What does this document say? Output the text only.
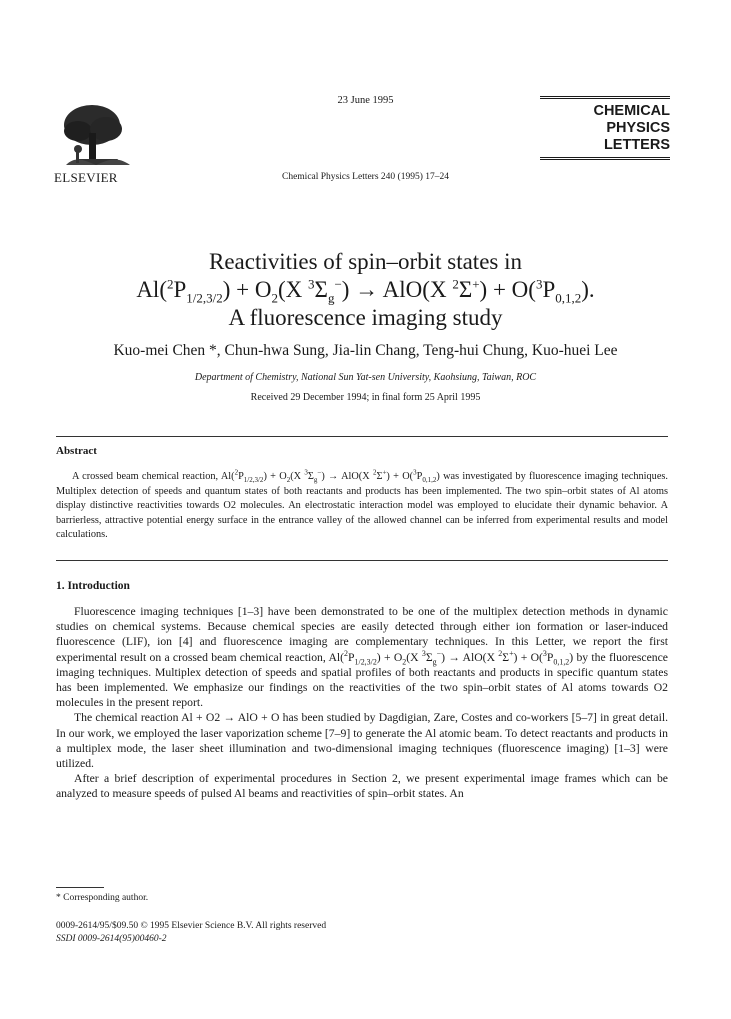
23 June 1995
ELSEVIER	Chemical Physics Letters 240 (1995) 17–24
CHEMICAL
PHYSICS
LETTERS
Reactivities of spin–orbit states in
$Al(^2P_{1/2,3/2}) + O_2(X$ $^3\Sigma_g^-) \to AlO(X$ $^2\Sigma^+) + O(^3P_{0,1,2})$.
A fluorescence imaging study
Kuo-mei Chen *, Chun-hwa Sung, Jia-lin Chang, Teng-hui Chung, Kuo-huei Lee
Department of Chemistry, National Sun Yat-sen University, Kaohsiung, Taiwan, ROC
Received 29 December 1994; in final form 25 April 1995
Abstract
A crossed beam chemical reaction, $Al(^2P_{1/2,3/2}) + O_2(X$ $^3\Sigma_g^-) \to AlO(X$ $^2\Sigma^+) + O(^3P_{0,1,2})$ was investigated by fluorescence imaging techniques. Multiplex detection of speeds and quantum states of both reactants and products has been implemented. The two spin–orbit states of Al atoms display distinctive reactivities towards O2 molecules. An electrostatic interaction model was employed to elucidate their dynamic behavior. A barrierless, attractive potential energy surface in the entrance valley of the allowed channel can be inferred from experimental results and model calculations.
1. Introduction

Fluorescence imaging techniques [1–3] have been demonstrated to be one of the multiplex detection methods in dynamic studies on chemical systems. Because chemical species are easily detected through either ion formation or laser-induced fluorescence (LIF), ion [4] and fluorescence imaging are complementary techniques. In this Letter, we report the first experimental result on a crossed beam chemical reaction, $Al(^2P_{1/2,3/2}) + O_2(X$ $^3\Sigma_g^-) \to AlO(X$ $^2\Sigma^+) + O(^3P_{0,1,2})$ by the fluorescence imaging techniques. Multiplex detection of speeds and spatial profiles of both reactants and products in specific quantum states has been implemented. We emphasize our findings on the reactivities of the two spin–orbit states of Al atoms towards O2 molecules in the present report.

The chemical reaction Al + O2 → AlO + O has been studied by Dagdigian, Zare, Costes and co-workers [5–7] in great detail. In our work, we employed the laser vaporization scheme [7–9] to generate the Al atomic beam. To detect reactants and products in a multiplex mode, the laser sheet illumination and two-dimensional imaging techniques (fluorescence imaging) [1–3] were utilized.

After a brief description of experimental procedures in Section 2, we present experimental image frames which can be analyzed to measure speeds of pulsed Al beams and reactivities of spin–orbit states. An

* Corresponding author.
0009-2614/95/$09.50 © 1995 Elsevier Science B.V. All rights reserved
SSDI 0009-2614(95)00460-2
